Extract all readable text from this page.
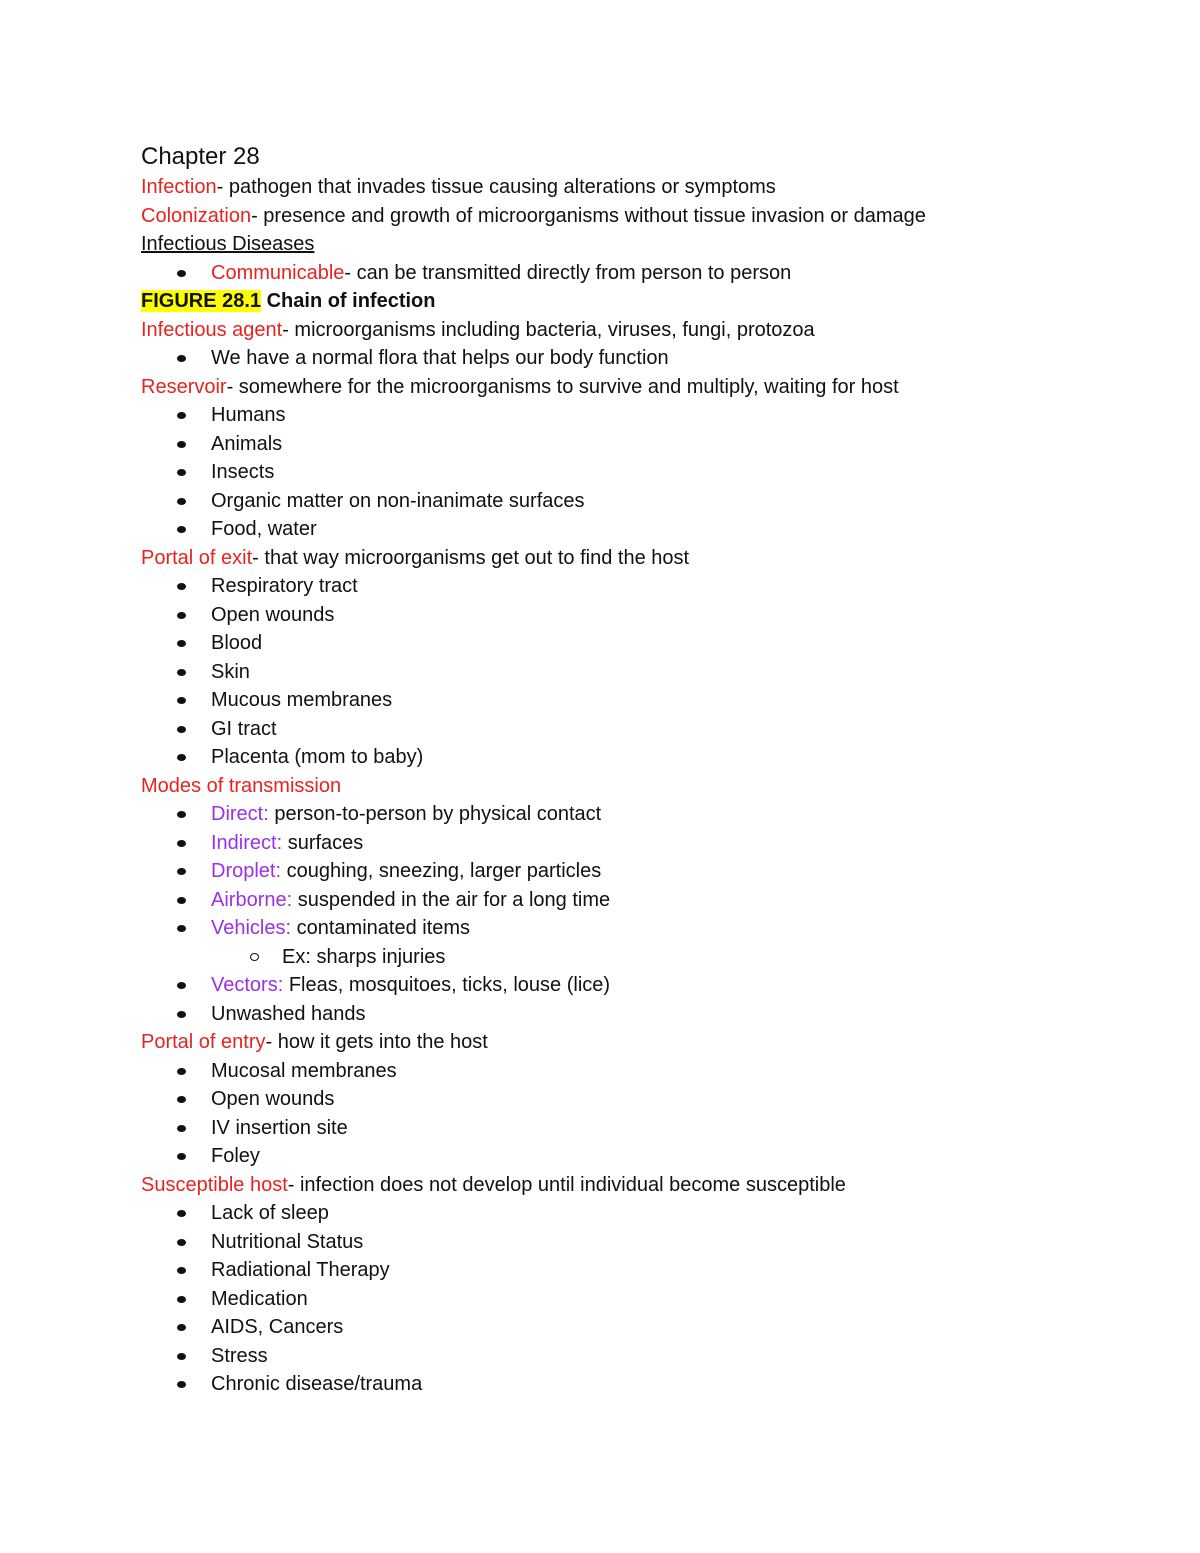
Chapter 28
Infection- pathogen that invades tissue causing alterations or symptoms
Colonization- presence and growth of microorganisms without tissue invasion or damage
Infectious Diseases
Communicable- can be transmitted directly from person to person
FIGURE 28.1 Chain of infection
Infectious agent- microorganisms including bacteria, viruses, fungi, protozoa
We have a normal flora that helps our body function
Reservoir- somewhere for the microorganisms to survive and multiply, waiting for host
Humans
Animals
Insects
Organic matter on non-inanimate surfaces
Food, water
Portal of exit- that way microorganisms get out to find the host
Respiratory tract
Open wounds
Blood
Skin
Mucous membranes
GI tract
Placenta (mom to baby)
Modes of transmission
Direct: person-to-person by physical contact
Indirect: surfaces
Droplet: coughing, sneezing, larger particles
Airborne: suspended in the air for a long time
Vehicles: contaminated items
Ex: sharps injuries
Vectors: Fleas, mosquitoes, ticks, louse (lice)
Unwashed hands
Portal of entry- how it gets into the host
Mucosal membranes
Open wounds
IV insertion site
Foley
Susceptible host- infection does not develop until individual become susceptible
Lack of sleep
Nutritional Status
Radiational Therapy
Medication
AIDS, Cancers
Stress
Chronic disease/trauma
